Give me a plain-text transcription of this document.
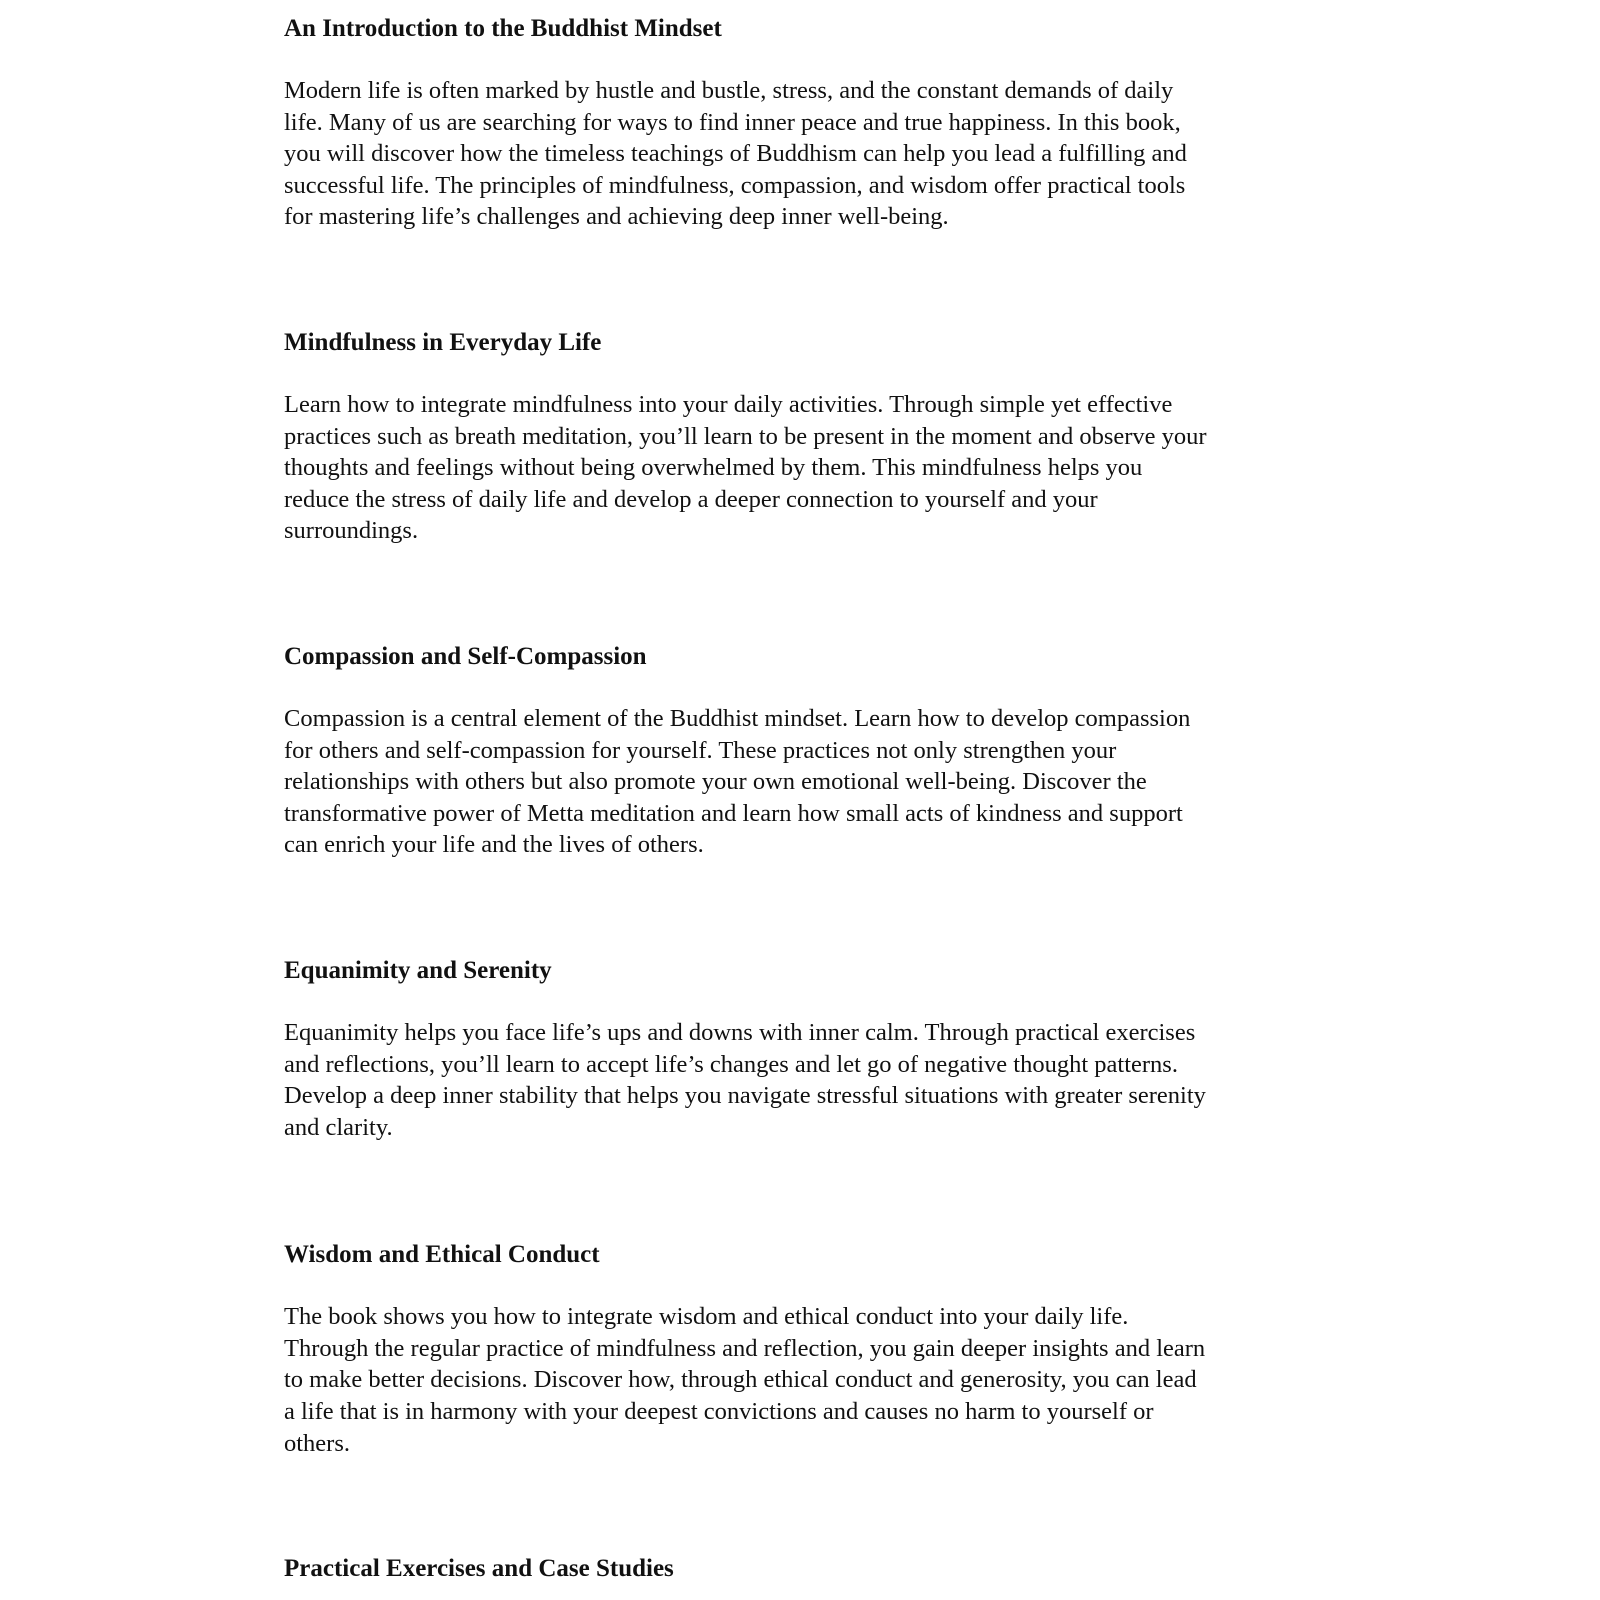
An Introduction to the Buddhist Mindset

Modern life is often marked by hustle and bustle, stress, and the constant demands of daily
life. Many of us are searching for ways to find inner peace and true happiness. In this book,
you will discover how the timeless teachings of Buddhism can help you lead a fulfilling and
successful life. The principles of mindfulness, compassion, and wisdom offer practical tools
for mastering life’s challenges and achieving deep inner well-being.

Mindfulness in Everyday Life

Learn how to integrate mindfulness into your daily activities. Through simple yet effective
practices such as breath meditation, you’ll learn to be present in the moment and observe your
thoughts and feelings without being overwhelmed by them. This mindfulness helps you
reduce the stress of daily life and develop a deeper connection to yourself and your
surroundings.

Compassion and Self-Compassion

Compassion is a central element of the Buddhist mindset. Learn how to develop compassion
for others and self-compassion for yourself. These practices not only strengthen your
relationships with others but also promote your own emotional well-being. Discover the
transformative power of Metta meditation and learn how small acts of kindness and support
can enrich your life and the lives of others.

Equanimity and Serenity

Equanimity helps you face life’s ups and downs with inner calm. Through practical exercises
and reflections, you’ll learn to accept life’s changes and let go of negative thought patterns.
Develop a deep inner stability that helps you navigate stressful situations with greater serenity
and clarity.

Wisdom and Ethical Conduct

The book shows you how to integrate wisdom and ethical conduct into your daily life.
Through the regular practice of mindfulness and reflection, you gain deeper insights and learn
to make better decisions. Discover how, through ethical conduct and generosity, you can lead
a life that is in harmony with your deepest convictions and causes no harm to yourself or
others.

Practical Exercises and Case Studies
